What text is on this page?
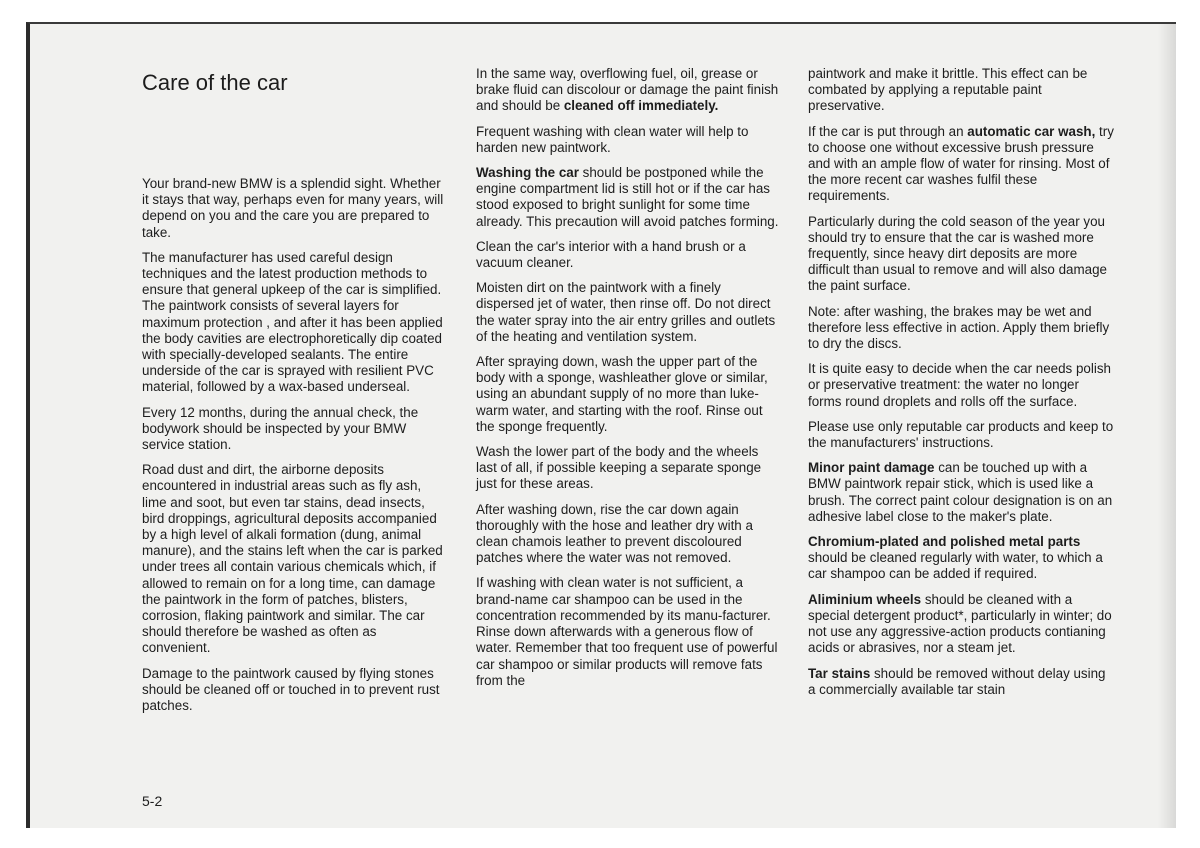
Care of the car

Your brand-new BMW is a splendid sight. Whether it stays that way, perhaps even for many years, will depend on you and the care you are prepared to take.

The manufacturer has used careful design techniques and the latest production methods to ensure that general upkeep of the car is simplified. The paintwork consists of several layers for maximum protection , and after it has been applied the body cavities are electrophoretically dip coated with specially-developed sealants. The entire underside of the car is sprayed with resilient PVC material, followed by a wax-based underseal.

Every 12 months, during the annual check, the bodywork should be inspected by your BMW service station.

Road dust and dirt, the airborne deposits encountered in industrial areas such as fly ash, lime and soot, but even tar stains, dead insects, bird droppings, agricultural deposits accompanied by a high level of alkali formation (dung, animal manure), and the stains left when the car is parked under trees all contain various chemicals which, if allowed to remain on for a long time, can damage the paintwork in the form of patches, blisters, corrosion, flaking paintwork and similar. The car should therefore be washed as often as convenient.

Damage to the paintwork caused by flying stones should be cleaned off or touched in to prevent rust patches.

In the same way, overflowing fuel, oil, grease or brake fluid can discolour or damage the paint finish and should be cleaned off immediately.

Frequent washing with clean water will help to harden new paintwork.

Washing the car should be postponed while the engine compartment lid is still hot or if the car has stood exposed to bright sunlight for some time already. This precaution will avoid patches forming.

Clean the car's interior with a hand brush or a vacuum cleaner.

Moisten dirt on the paintwork with a finely dispersed jet of water, then rinse off. Do not direct the water spray into the air entry grilles and outlets of the heating and ventilation system.

After spraying down, wash the upper part of the body with a sponge, washleather glove or similar, using an abundant supply of no more than luke-warm water, and starting with the roof. Rinse out the sponge frequently.

Wash the lower part of the body and the wheels last of all, if possible keeping a separate sponge just for these areas.

After washing down, rise the car down again thoroughly with the hose and leather dry with a clean chamois leather to prevent discoloured patches where the water was not removed.

If washing with clean water is not sufficient, a brand-name car shampoo can be used in the concentration recommended by its manu-facturer. Rinse down afterwards with a generous flow of water. Remember that too frequent use of powerful car shampoo or similar products will remove fats from the

paintwork and make it brittle. This effect can be combated by applying a reputable paint preservative.

If the car is put through an automatic car wash, try to choose one without excessive brush pressure and with an ample flow of water for rinsing. Most of the more recent car washes fulfil these requirements.

Particularly during the cold season of the year you should try to ensure that the car is washed more frequently, since heavy dirt deposits are more difficult than usual to remove and will also damage the paint surface.

Note: after washing, the brakes may be wet and therefore less effective in action. Apply them briefly to dry the discs.

It is quite easy to decide when the car needs polish or preservative treatment: the water no longer forms round droplets and rolls off the surface.

Please use only reputable car products and keep to the manufacturers' instructions.

Minor paint damage can be touched up with a BMW paintwork repair stick, which is used like a brush. The correct paint colour designation is on an adhesive label close to the maker's plate.

Chromium-plated and polished metal parts should be cleaned regularly with water, to which a car shampoo can be added if required.

Aliminium wheels should be cleaned with a special detergent product*, particularly in winter; do not use any aggressive-action products contianing acids or abrasives, nor a steam jet.

Tar stains should be removed without delay using a commercially available tar stain

5-2
